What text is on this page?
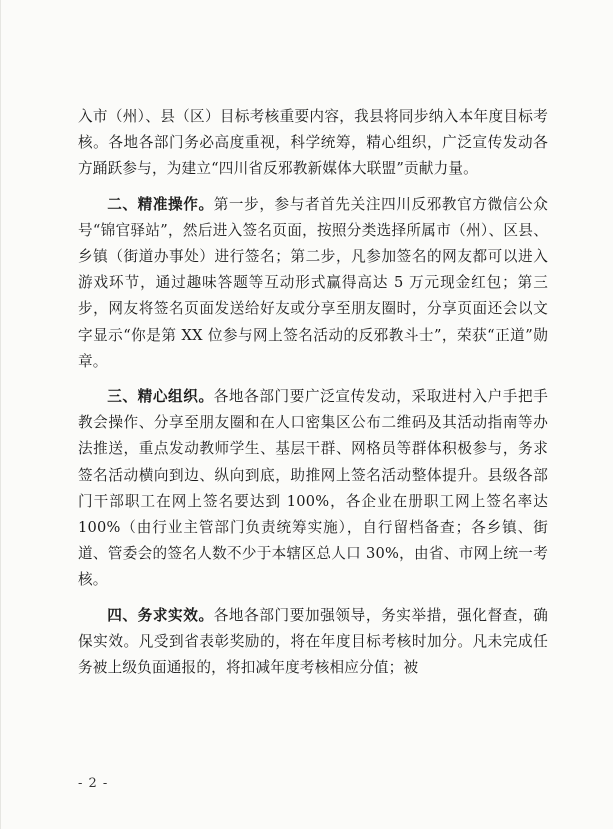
入市（州）、县（区）目标考核重要内容，我县将同步纳入本年度目标考核。各地各部门务必高度重视，科学统筹，精心组织，广泛宣传发动各方踊跃参与，为建立“四川省反邪教新媒体大联盟”贡献力量。

二、精准操作。第一步，参与者首先关注四川反邪教官方微信公众号“锦官驿站”，然后进入签名页面，按照分类选择所属市（州）、区县、乡镇（街道办事处）进行签名；第二步，凡参加签名的网友都可以进入游戏环节，通过趣味答题等互动形式赢得高达 5 万元现金红包；第三步，网友将签名页面发送给好友或分享至朋友圈时，分享页面还会以文字显示“你是第 XX 位参与网上签名活动的反邪教斗士”，荣获“正道”勋章。

三、精心组织。各地各部门要广泛宣传发动，采取进村入户手把手教会操作、分享至朋友圈和在人口密集区公布二维码及其活动指南等办法推送，重点发动教师学生、基层干群、网格员等群体积极参与，务求签名活动横向到边、纵向到底，助推网上签名活动整体提升。县级各部门干部职工在网上签名要达到 100%，各企业在册职工网上签名率达 100%（由行业主管部门负责统筹实施），自行留档备查；各乡镇、街道、管委会的签名人数不少于本辖区总人口 30%，由省、市网上统一考核。

四、务求实效。各地各部门要加强领导，务实举措，强化督查，确保实效。凡受到省表彰奖励的，将在年度目标考核时加分。凡未完成任务被上级负面通报的，将扣减年度考核相应分值；被

- 2 -
